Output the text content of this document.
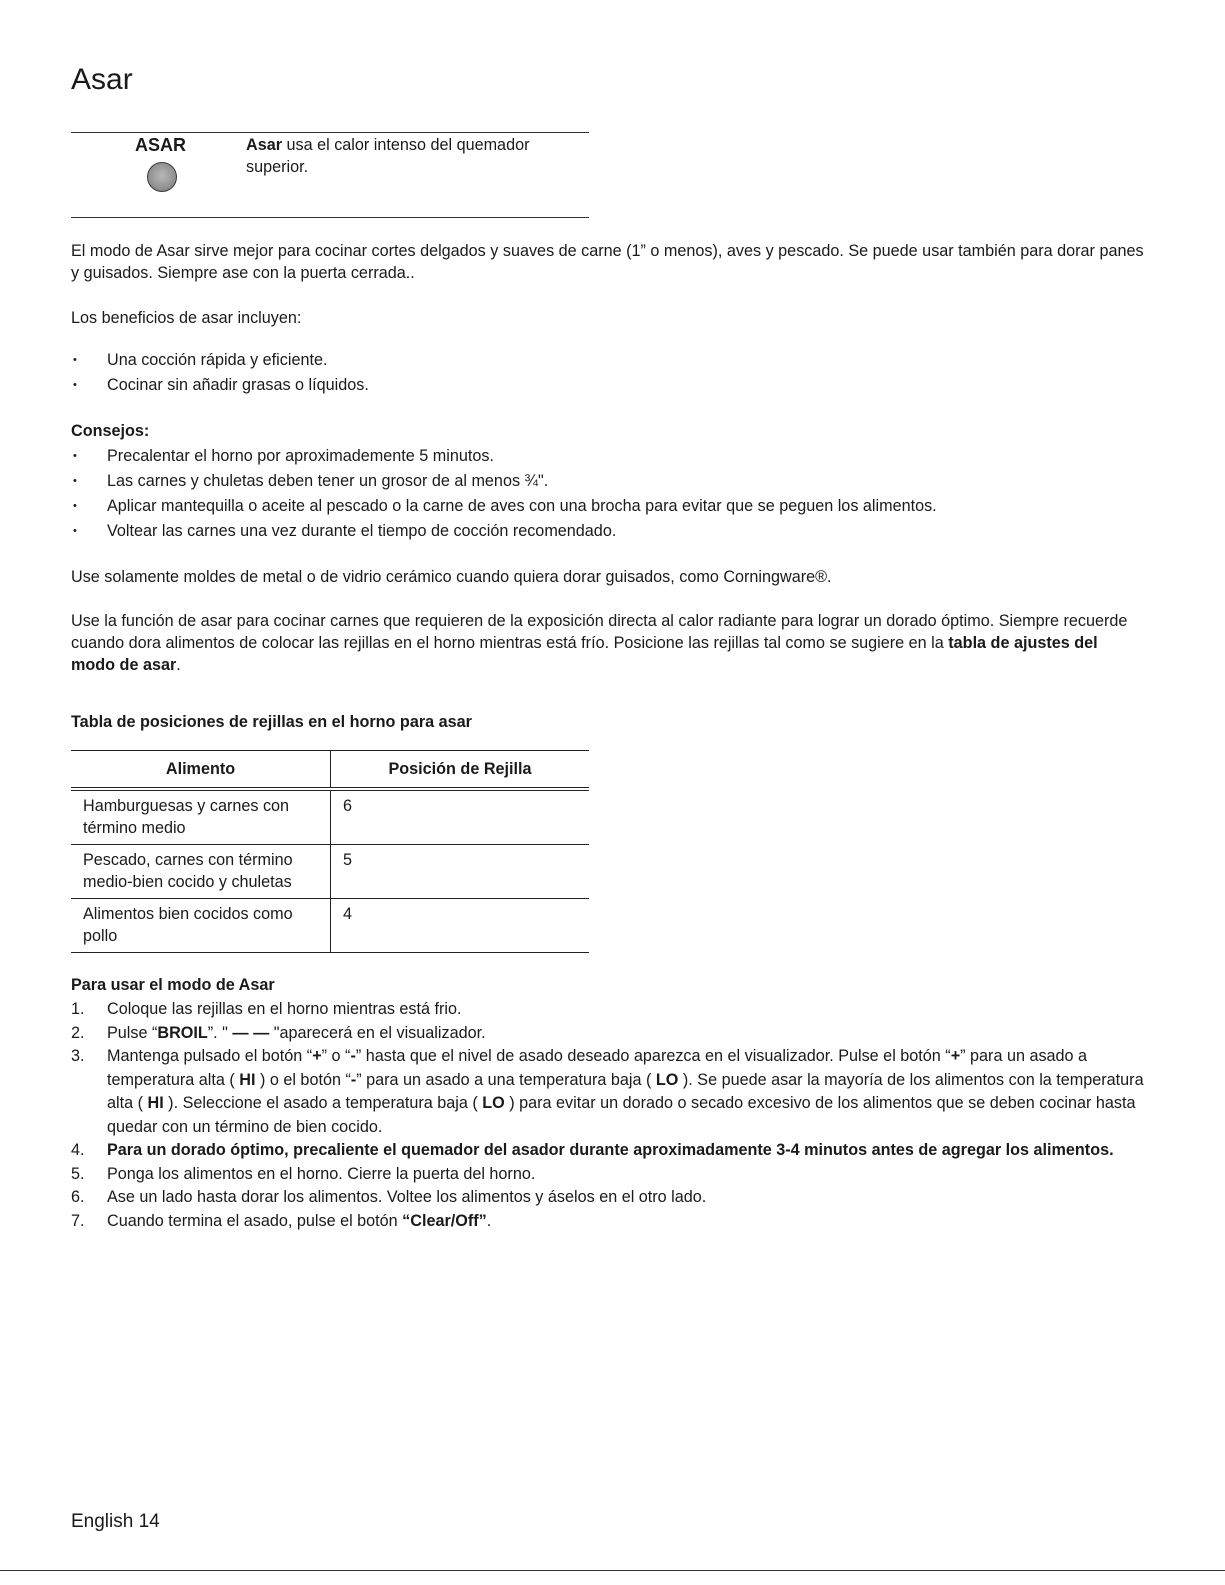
Asar
ASAR	Asar usa el calor intenso del quemador superior.

El modo de Asar sirve mejor para cocinar cortes delgados y suaves de carne (1” o menos), aves y pescado. Se puede usar también para dorar panes y guisados. Siempre ase con la puerta cerrada..

Los beneficios de asar incluyen:

•	Una cocción rápida y eficiente.
•	Cocinar sin añadir grasas o líquidos.

Consejos:

•	Precalentar el horno por aproximademente 5 minutos.
•	Las carnes y chuletas deben tener un grosor de al menos ¾".
•	Aplicar mantequilla o aceite al pescado o la carne de aves con una brocha para evitar que se peguen los alimentos.
•	Voltear las carnes una vez durante el tiempo de cocción recomendado.

Use solamente moldes de metal o de vidrio cerámico cuando quiera dorar guisados, como Corningware®.

Use la función de asar para cocinar carnes que requieren de la exposición directa al calor radiante para lograr un dorado óptimo. Siempre recuerde cuando dora alimentos de colocar las rejillas en el horno mientras está frío. Posicione las rejillas tal como se sugiere en la tabla de ajustes del modo de asar.

Tabla de posiciones de rejillas en el horno para asar

Alimento	Posición de Rejilla
Hamburguesas y carnes con término medio	6
Pescado, carnes con término medio-bien cocido y chuletas	5
Alimentos bien cocidos como pollo	4

Para usar el modo de Asar

1.	Coloque las rejillas en el horno mientras está frio.
2.	Pulse “BROIL”. " — — "aparecerá en el visualizador.
3.	Mantenga pulsado el botón “+” o “-” hasta que el nivel de asado deseado aparezca en el visualizador. Pulse el botón “+” para un asado a temperatura alta ( HI ) o el botón “-” para un asado a una temperatura baja ( LO ). Se puede asar la mayoría de los alimentos con la temperatura alta ( HI ). Seleccione el asado a temperatura baja ( LO ) para evitar un dorado o secado excesivo de los alimentos que se deben cocinar hasta quedar con un término de bien cocido.
4.	Para un dorado óptimo, precaliente el quemador del asador durante aproximadamente 3-4 minutos antes de agregar los alimentos.
5.	Ponga los alimentos en el horno. Cierre la puerta del horno.
6.	Ase un lado hasta dorar los alimentos. Voltee los alimentos y áselos en el otro lado.
7.	Cuando termina el asado, pulse el botón “Clear/Off”.
English 14
